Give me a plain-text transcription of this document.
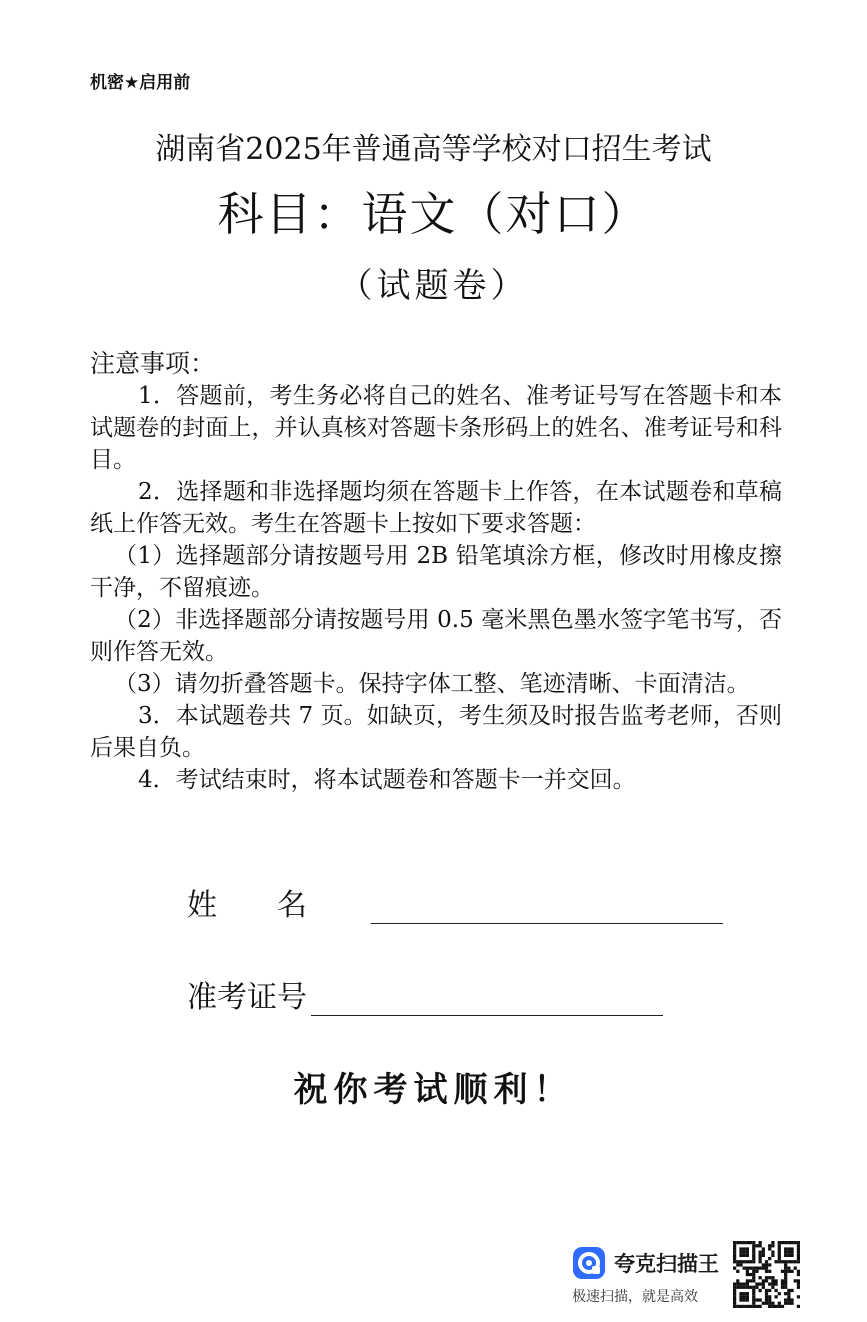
机密★启用前
湖南省2025年普通高等学校对口招生考试
科目：语文（对口）
（试题卷）
注意事项：

1．答题前，考生务必将自己的姓名、准考证号写在答题卡和本试题卷的封面上，并认真核对答题卡条形码上的姓名、准考证号和科目。

2．选择题和非选择题均须在答题卡上作答，在本试题卷和草稿纸上作答无效。考生在答题卡上按如下要求答题：

（1）选择题部分请按题号用 2B 铅笔填涂方框，修改时用橡皮擦干净，不留痕迹。

（2）非选择题部分请按题号用 0.5 毫米黑色墨水签字笔书写，否则作答无效。

（3）请勿折叠答题卡。保持字体工整、笔迹清晰、卡面清洁。

3．本试题卷共 7 页。如缺页，考生须及时报告监考老师，否则后果自负。

4．考试结束时，将本试题卷和答题卡一并交回。

姓名
准考证号
祝你考试顺利！
夸克扫描王
极速扫描，就是高效
